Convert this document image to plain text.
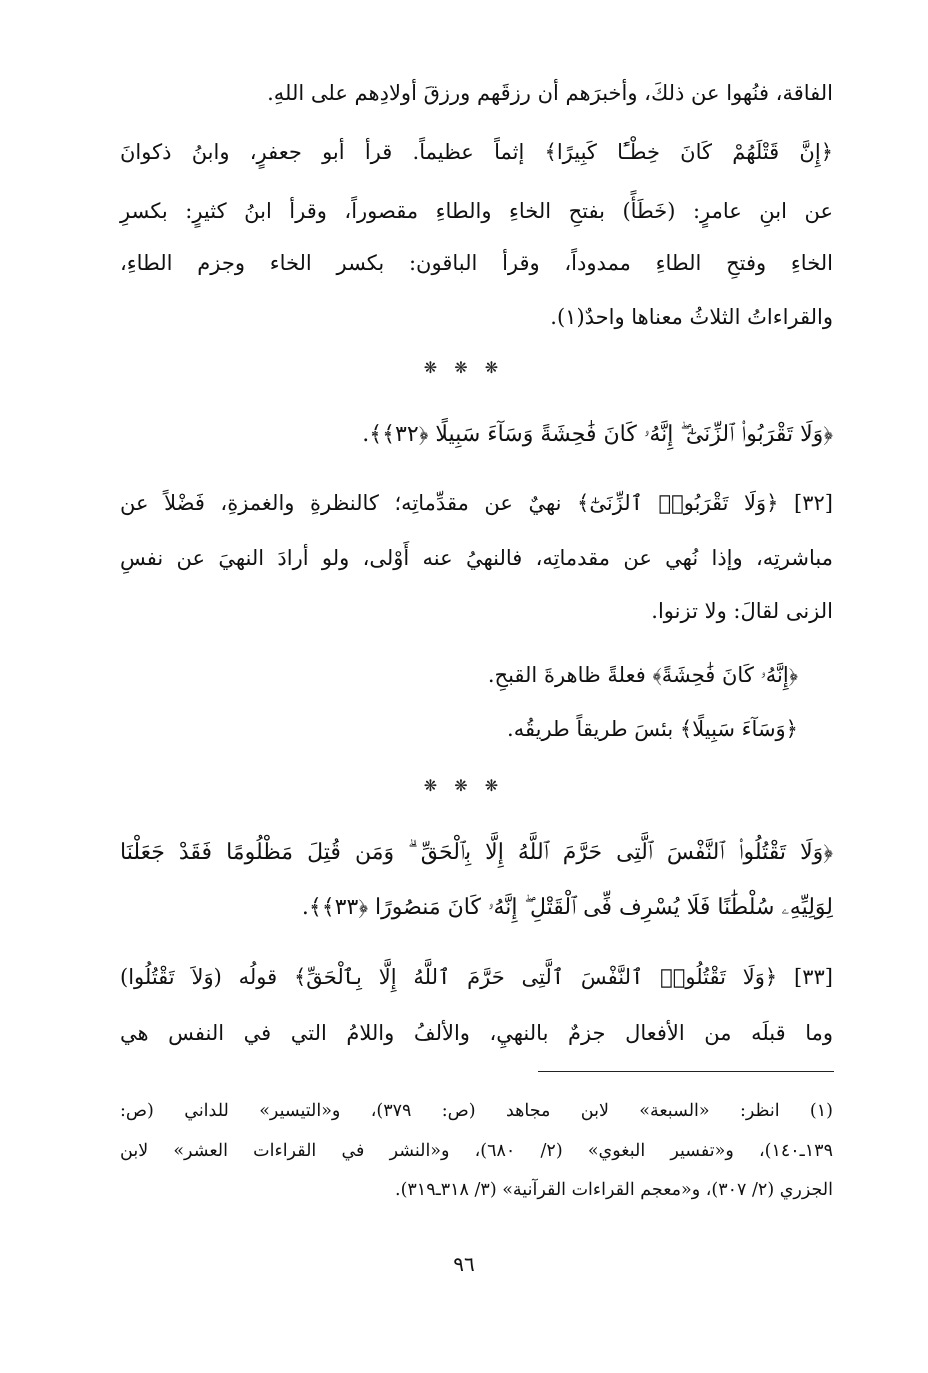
الفاقة، فنُهوا عن ذلكَ، وأخبرَهم أن رزقَهم ورزقَ أولادِهم على اللهِ.
﴿إِنَّ قَتْلَهُمْ كَانَ خِطْـًٔا كَبِيرًا﴾ إثماً عظيماً. قرأ أبو جعفرٍ، وابنُ ذكوانَ
عن ابنِ عامرٍ: (خَطَأً) بفتحِ الخاءِ والطاءِ مقصوراً، وقرأ ابنُ كثيرٍ: بكسرِ
الخاءِ وفتحِ الطاءِ ممدوداً، وقرأ الباقون: بكسر الخاء وجزم الطاءِ،
والقراءاتُ الثلاثُ معناها واحدٌ(١).
❋ ❋ ❋
﴿وَلَا تَقْرَبُوا۟ ٱلزِّنَىٰٓ ۖ إِنَّهُۥ كَانَ فَٰحِشَةً وَسَآءَ سَبِيلًا ﴿٣٢﴾﴾.
[٣٢] ﴿وَلَا تَقْرَبُوا۟ ٱلزِّنَىٰٓ﴾ نهيٌ عن مقدِّماتِه؛ كالنظرةِ والغمزةِ، فَضْلاً عن
مباشرتِه، وإذا نُهي عن مقدماتِه، فالنهيُ عنه أَوْلى، ولو أرادَ النهيَ عن نفسِ
الزنى لقالَ: ولا تزنوا.
﴿إِنَّهُۥ كَانَ فَٰحِشَةً﴾ فعلةً ظاهرةَ القبحِ.
﴿وَسَآءَ سَبِيلًا﴾ بئسَ طريقاً طريقُه.
❋ ❋ ❋
﴿وَلَا تَقْتُلُوا۟ ٱلنَّفْسَ ٱلَّتِى حَرَّمَ ٱللَّهُ إِلَّا بِٱلْحَقِّ ۗ وَمَن قُتِلَ مَظْلُومًا فَقَدْ جَعَلْنَا
لِوَلِيِّهِۦ سُلْطَٰنًا فَلَا يُسْرِف فِّى ٱلْقَتْلِ ۖ إِنَّهُۥ كَانَ مَنصُورًا ﴿٣٣﴾﴾.
[٣٣] ﴿وَلَا تَقْتُلُوا۟ ٱلنَّفْسَ ٱلَّتِى حَرَّمَ ٱللَّهُ إِلَّا بِٱلْحَقِّ﴾ قولُه (وَلاَ تَقْتُلُوا)
وما قبلَه من الأفعال جزمٌ بالنهيِ، والألفُ واللامُ التي في النفس هي
(١) انظر: «السبعة» لابن مجاهد (ص: ٣٧٩)، و«التيسير» للداني (ص:
١٣٩ـ١٤٠)، و«تفسير البغوي» (٢/ ٦٨٠)، و«النشر في القراءات العشر» لابن
الجزري (٢/ ٣٠٧)، و«معجم القراءات القرآنية» (٣/ ٣١٨ـ٣١٩).
٩٦
